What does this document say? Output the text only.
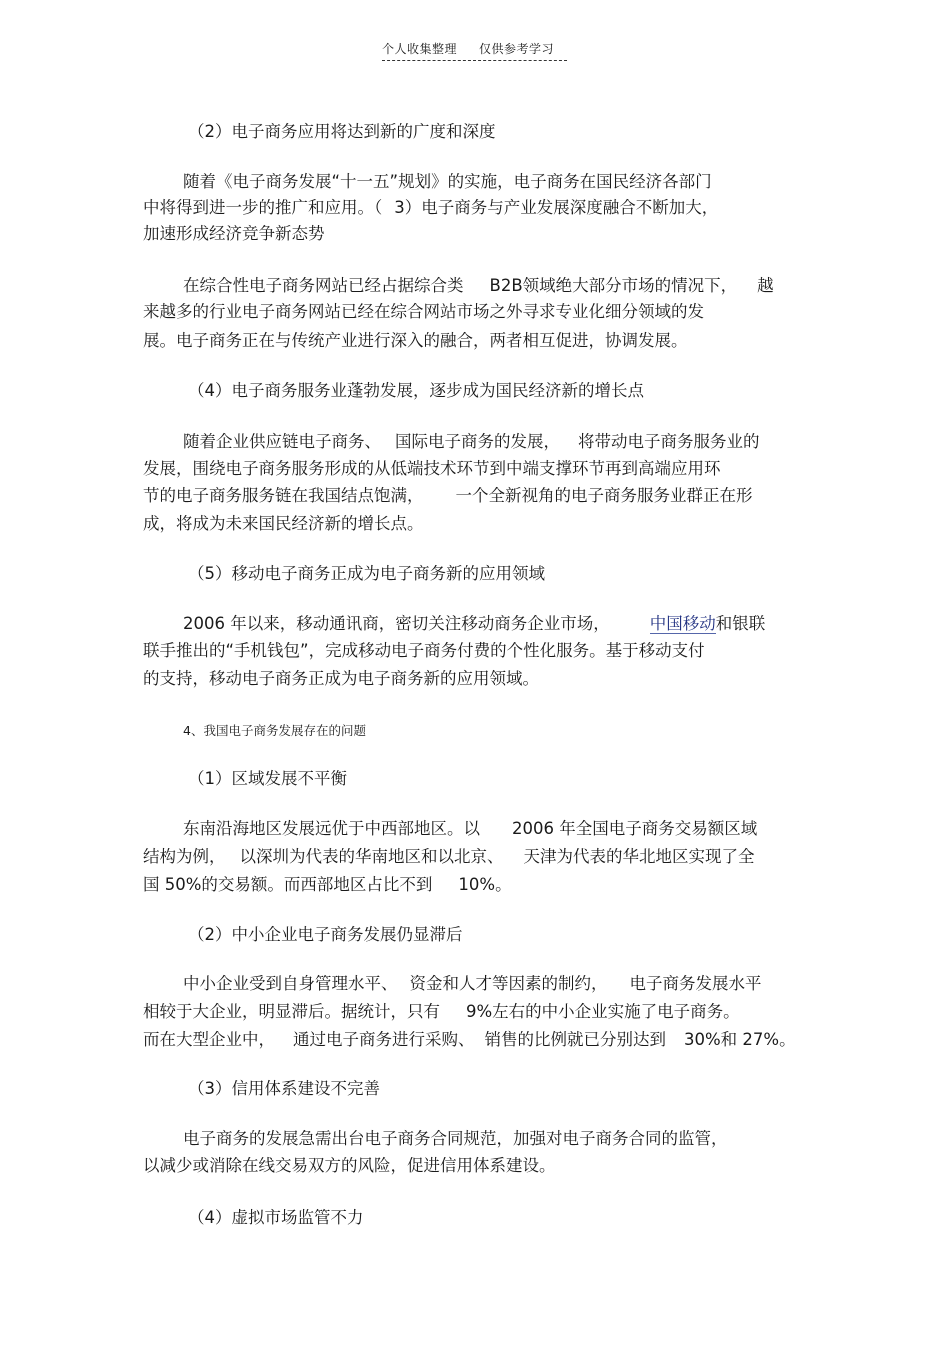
个人收集整理 仅供参考学习
（2）电子商务应用将达到新的广度和深度
随着《电子商务发展“十一五”规划》的实施，电子商务在国民经济各部门
中将得到进一步的推广和应用。（ 3）电子商务与产业发展深度融合不断加大，
加速形成经济竞争新态势
在综合性电子商务网站已经占据综合类 B2B领域绝大部分市场的情况下， 越
来越多的行业电子商务网站已经在综合网站市场之外寻求专业化细分领域的发
展。电子商务正在与传统产业进行深入的融合，两者相互促进，协调发展。
（4）电子商务服务业蓬勃发展，逐步成为国民经济新的增长点
随着企业供应链电子商务、 国际电子商务的发展， 将带动电子商务服务业的
发展，围绕电子商务服务形成的从低端技术环节到中端支撑环节再到高端应用环
节的电子商务服务链在我国结点饱满， 一个全新视角的电子商务服务业群正在形
成，将成为未来国民经济新的增长点。
（5）移动电子商务正成为电子商务新的应用领域
2006 年以来，移动通讯商，密切关注移动商务企业市场， 中国移动和银联
联手推出的“手机钱包”，完成移动电子商务付费的个性化服务。基于移动支付
的支持，移动电子商务正成为电子商务新的应用领域。
4、我国电子商务发展存在的问题
（1）区域发展不平衡
东南沿海地区发展远优于中西部地区。以 2006 年全国电子商务交易额区域
结构为例， 以深圳为代表的华南地区和以北京、 天津为代表的华北地区实现了全
国 50%的交易额。而西部地区占比不到 10%。
（2）中小企业电子商务发展仍显滞后
中小企业受到自身管理水平、 资金和人才等因素的制约， 电子商务发展水平
相较于大企业，明显滞后。据统计，只有 9%左右的中小企业实施了电子商务。
而在大型企业中， 通过电子商务进行采购、 销售的比例就已分别达到 30%和 27%。
（3）信用体系建设不完善
电子商务的发展急需出台电子商务合同规范，加强对电子商务合同的监管，
以减少或消除在线交易双方的风险，促进信用体系建设。
（4）虚拟市场监管不力
